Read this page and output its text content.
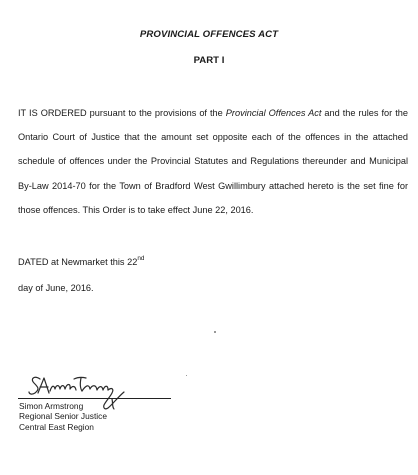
PROVINCIAL OFFENCES ACT
PART I

IT IS ORDERED pursuant to the provisions of the Provincial Offences Act and the rules for the Ontario Court of Justice that the amount set opposite each of the offences in the attached schedule of offences under the Provincial Statutes and Regulations thereunder and Municipal By-Law 2014-70 for the Town of Bradford West Gwillimbury attached hereto is the set fine for those offences. This Order is to take effect June 22, 2016.

DATED at Newmarket this 22nd

day of June, 2016.

Simon Armstrong
Regional Senior Justice
Central East Region
